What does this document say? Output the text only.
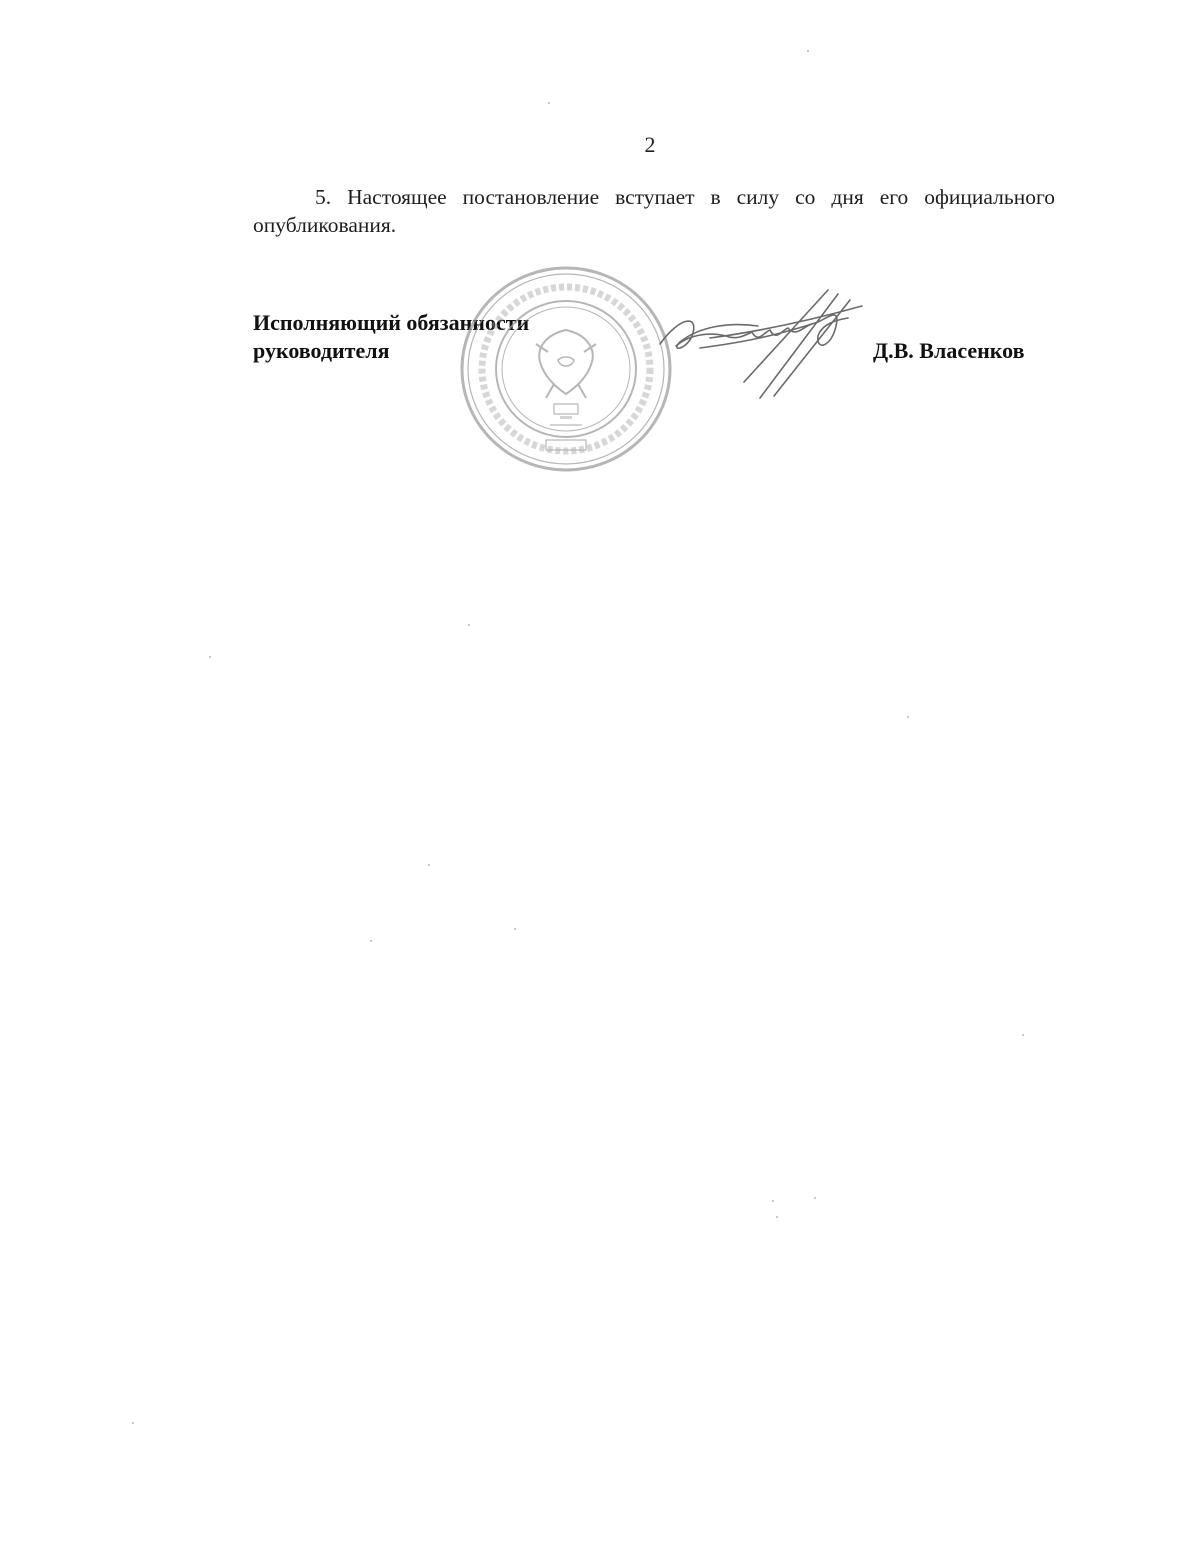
2
5. Настоящее постановление вступает в силу со дня его официального опубликования.
Исполняющий обязанности
руководителя	Д.В. Власенков
